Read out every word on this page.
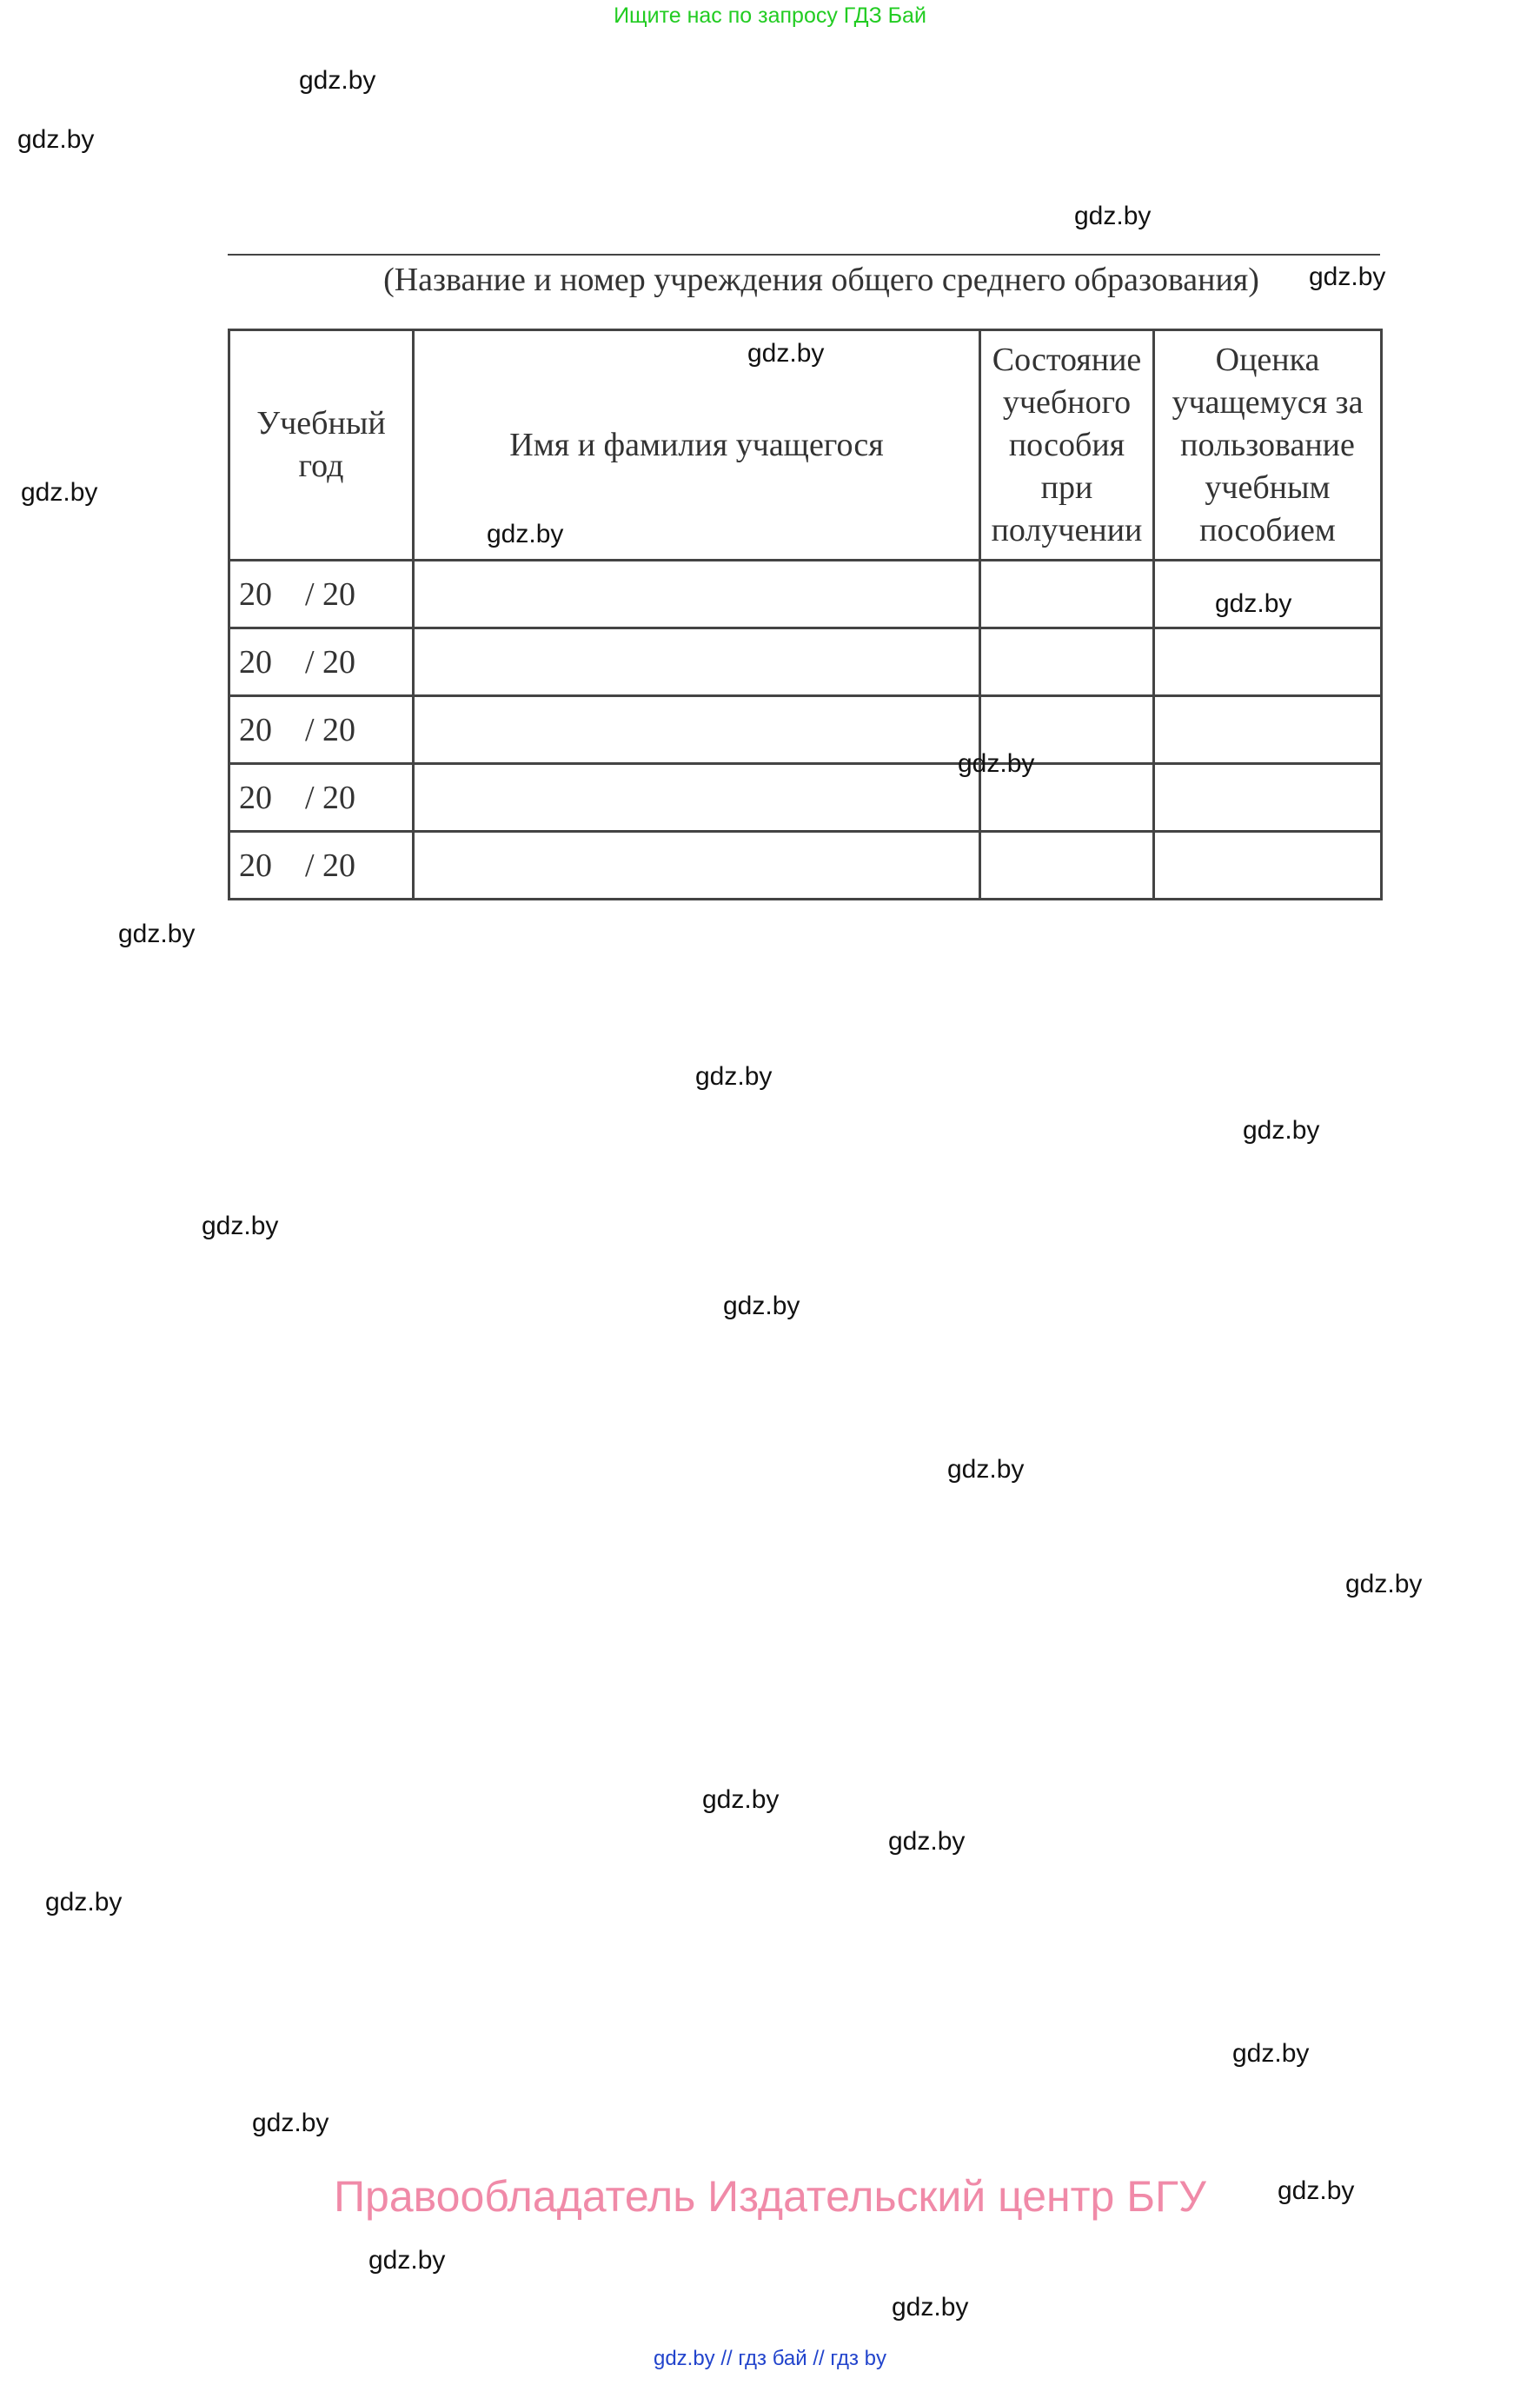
Ищите нас по запросу ГДЗ Бай
(Название и номер учреждения общего среднего образования)
Учебный год	Имя и фамилия учащегося	Состояние учебного пособия при получении	Оценка учащемуся за пользование учебным пособием
20    / 20			
20    / 20			
20    / 20			
20    / 20			
20    / 20			
gdz.by
gdz.by
gdz.by
gdz.by
gdz.by
gdz.by
gdz.by
gdz.by
gdz.by
gdz.by
gdz.by
gdz.by
gdz.by
gdz.by
gdz.by
gdz.by
gdz.by
gdz.by
gdz.by
gdz.by
gdz.by
gdz.by
gdz.by
gdz.by
Правообладатель Издательский центр БГУ
gdz.by // гдз бай // гдз by
